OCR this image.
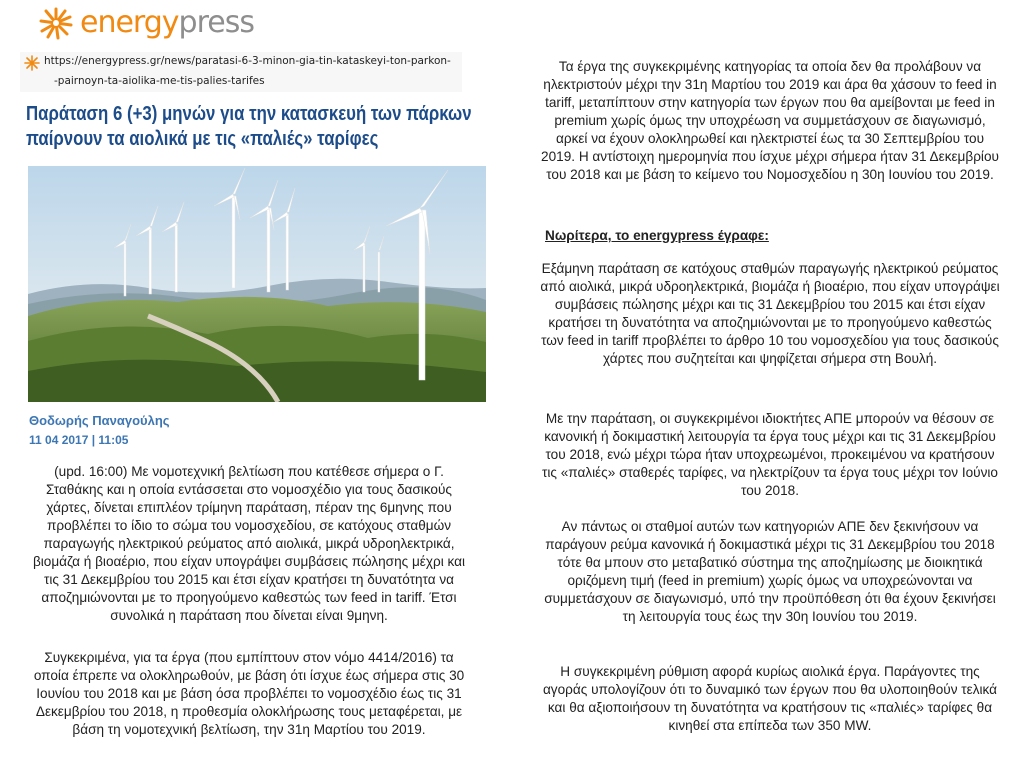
energypress
https://energypress.gr/news/paratasi-6-3-minon-gia-tin-kataskeyi-ton-parkon-
-pairnoyn-ta-aiolika-me-tis-palies-tarifes
Παράταση 6 (+3) μηνών για την κατασκευή των πάρκων παίρνουν τα αιολικά με τις «παλιές» ταρίφες
Θοδωρής Παναγούλης
11 04 2017 | 11:05

(upd. 16:00) Με νομοτεχνική βελτίωση που κατέθεσε σήμερα ο Γ. Σταθάκης και η οποία εντάσσεται στο νομοσχέδιο για τους δασικούς χάρτες, δίνεται επιπλέον τρίμηνη παράταση, πέραν της 6μηνης που προβλέπει το ίδιο το σώμα του νομοσχεδίου, σε κατόχους σταθμών παραγωγής ηλεκτρικού ρεύματος από αιολικά, μικρά υδροηλεκτρικά, βιομάζα ή βιοαέριο, που είχαν υπογράψει συμβάσεις πώλησης μέχρι και τις 31 Δεκεμβρίου του 2015 και έτσι είχαν κρατήσει τη δυνατότητα να αποζημιώνονται με το προηγούμενο καθεστώς των feed in tariff. Έτσι συνολικά η παράταση που δίνεται είναι 9μηνη.

Συγκεκριμένα, για τα έργα (που εμπίπτουν στον νόμο 4414/2016) τα οποία έπρεπε να ολοκληρωθούν, με βάση ότι ίσχυε έως σήμερα στις 30 Ιουνίου του 2018 και με βάση όσα προβλέπει το νομοσχέδιο έως τις 31 Δεκεμβρίου του 2018, η προθεσμία ολοκλήρωσης τους μεταφέρεται, με βάση τη νομοτεχνική βελτίωση, την 31η Μαρτίου του 2019.

Τα έργα της συγκεκριμένης κατηγορίας τα οποία δεν θα προλάβουν να ηλεκτριστούν μέχρι την 31η Μαρτίου του 2019 και άρα θα χάσουν το feed in tariff, μεταπίπτουν στην κατηγορία των έργων που θα αμείβονται με feed in premium χωρίς όμως την υποχρέωση να συμμετάσχουν σε διαγωνισμό, αρκεί να έχουν ολοκληρωθεί και ηλεκτριστεί έως τα 30 Σεπτεμβρίου του 2019. Η αντίστοιχη ημερομηνία που ίσχυε μέχρι σήμερα ήταν 31 Δεκεμβρίου του 2018 και με βάση το κείμενο του Νομοσχεδίου η 30η Ιουνίου του 2019.

Νωρίτερα, το energypress έγραφε:

Εξάμηνη παράταση σε κατόχους σταθμών παραγωγής ηλεκτρικού ρεύματος από αιολικά, μικρά υδροηλεκτρικά, βιομάζα ή βιοαέριο, που είχαν υπογράψει συμβάσεις πώλησης μέχρι και τις 31 Δεκεμβρίου του 2015 και έτσι είχαν κρατήσει τη δυνατότητα να αποζημιώνονται με το προηγούμενο καθεστώς των feed in tariff προβλέπει το άρθρο 10 του νομοσχεδίου για τους δασικούς χάρτες που συζητείται και ψηφίζεται σήμερα στη Βουλή.

Με την παράταση, οι συγκεκριμένοι ιδιοκτήτες ΑΠΕ μπορούν να θέσουν σε κανονική ή δοκιμαστική λειτουργία τα έργα τους μέχρι και τις 31 Δεκεμβρίου του 2018, ενώ μέχρι τώρα ήταν υποχρεωμένοι, προκειμένου να κρατήσουν τις «παλιές» σταθερές ταρίφες, να ηλεκτρίζουν τα έργα τους μέχρι τον Ιούνιο του 2018.

Αν πάντως οι σταθμοί αυτών των κατηγοριών ΑΠΕ δεν ξεκινήσουν να παράγουν ρεύμα κανονικά ή δοκιμαστικά μέχρι τις 31 Δεκεμβρίου του 2018 τότε θα μπουν στο μεταβατικό σύστημα της αποζημίωσης με διοικητικά οριζόμενη τιμή (feed in premium) χωρίς όμως να υποχρεώνονται να συμμετάσχουν σε διαγωνισμό, υπό την προϋπόθεση ότι θα έχουν ξεκινήσει τη λειτουργία τους έως την 30η Ιουνίου του 2019.

Η συγκεκριμένη ρύθμιση αφορά κυρίως αιολικά έργα. Παράγοντες της αγοράς υπολογίζουν ότι το δυναμικό των έργων που θα υλοποιηθούν τελικά και θα αξιοποιήσουν τη δυνατότητα να κρατήσουν τις «παλιές» ταρίφες θα κινηθεί στα επίπεδα των 350 MW.
